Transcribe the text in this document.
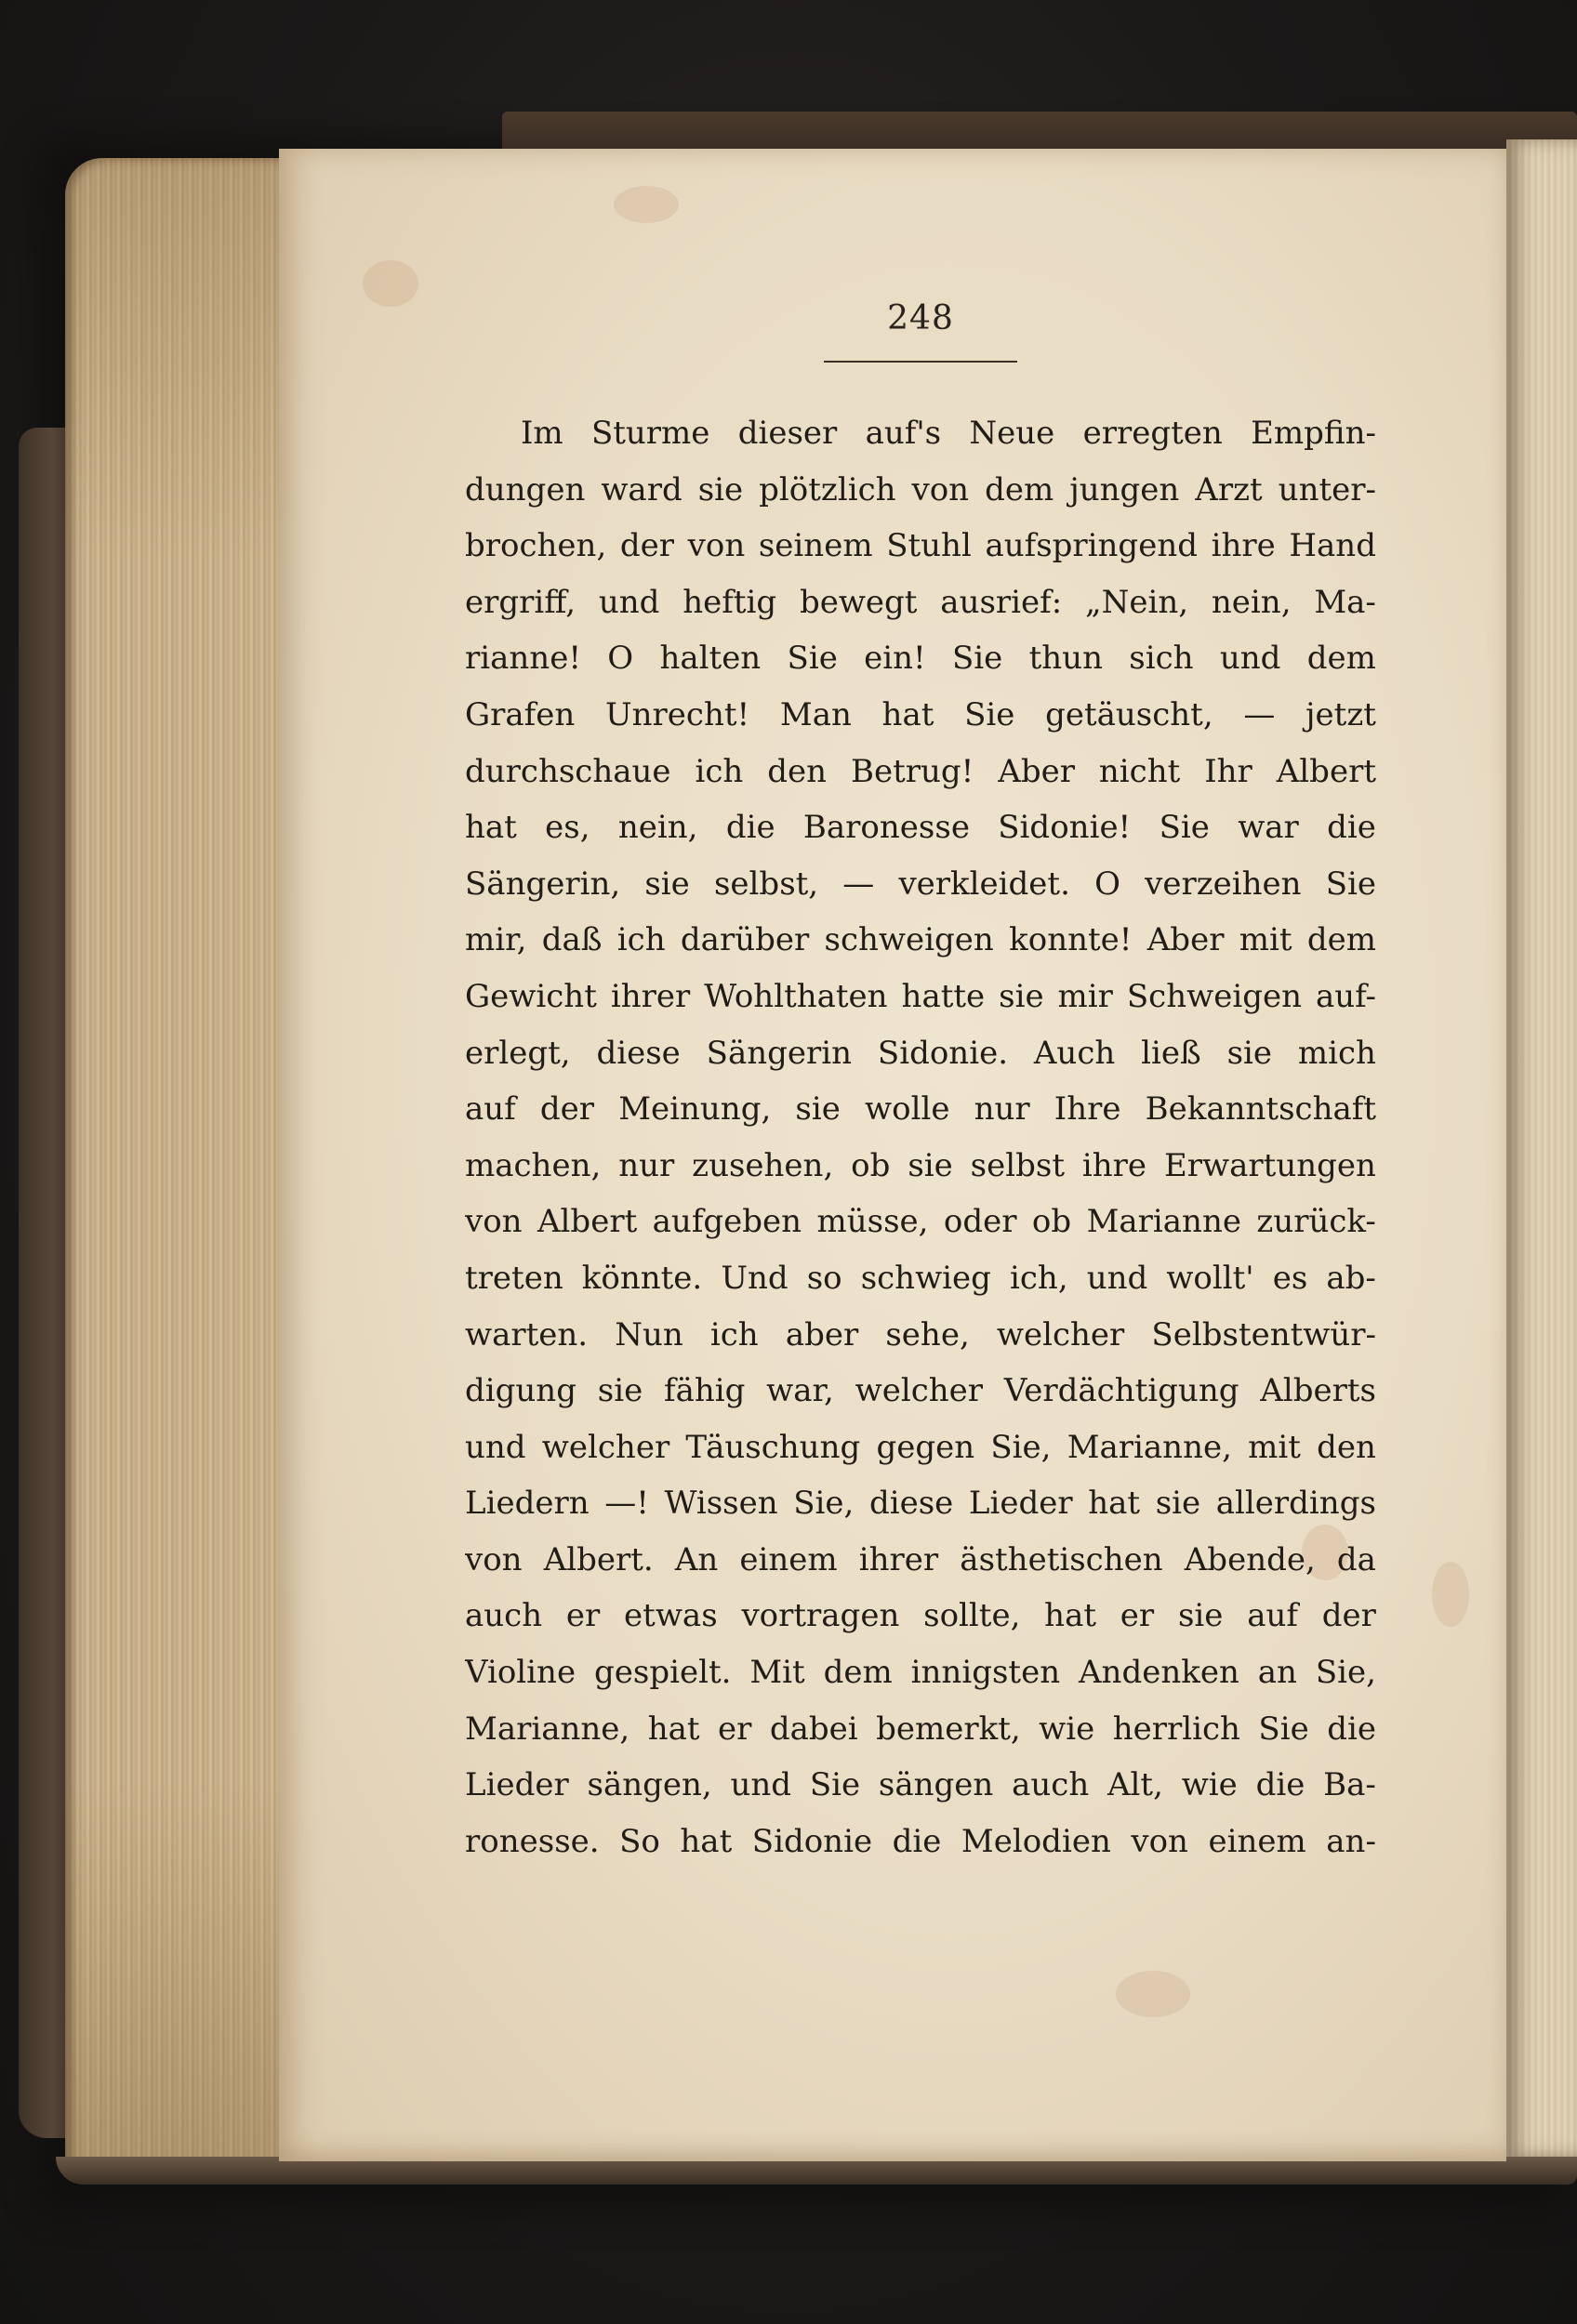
248
Im Sturme dieser auf's Neue erregten Empfin-
dungen ward sie plötzlich von dem jungen Arzt unter-
brochen, der von seinem Stuhl aufspringend ihre Hand
ergriff, und heftig bewegt ausrief: „Nein, nein, Ma-
rianne! O halten Sie ein! Sie thun sich und dem
Grafen Unrecht! Man hat Sie getäuscht, — jetzt
durchschaue ich den Betrug! Aber nicht Ihr Albert
hat es, nein, die Baronesse Sidonie! Sie war die
Sängerin, sie selbst, — verkleidet. O verzeihen Sie
mir, daß ich darüber schweigen konnte! Aber mit dem
Gewicht ihrer Wohlthaten hatte sie mir Schweigen auf-
erlegt, diese Sängerin Sidonie. Auch ließ sie mich
auf der Meinung, sie wolle nur Ihre Bekanntschaft
machen, nur zusehen, ob sie selbst ihre Erwartungen
von Albert aufgeben müsse, oder ob Marianne zurück-
treten könnte. Und so schwieg ich, und wollt' es ab-
warten. Nun ich aber sehe, welcher Selbstentwür-
digung sie fähig war, welcher Verdächtigung Alberts
und welcher Täuschung gegen Sie, Marianne, mit den
Liedern —! Wissen Sie, diese Lieder hat sie allerdings
von Albert. An einem ihrer ästhetischen Abende, da
auch er etwas vortragen sollte, hat er sie auf der
Violine gespielt. Mit dem innigsten Andenken an Sie,
Marianne, hat er dabei bemerkt, wie herrlich Sie die
Lieder sängen, und Sie sängen auch Alt, wie die Ba-
ronesse. So hat Sidonie die Melodien von einem an-
